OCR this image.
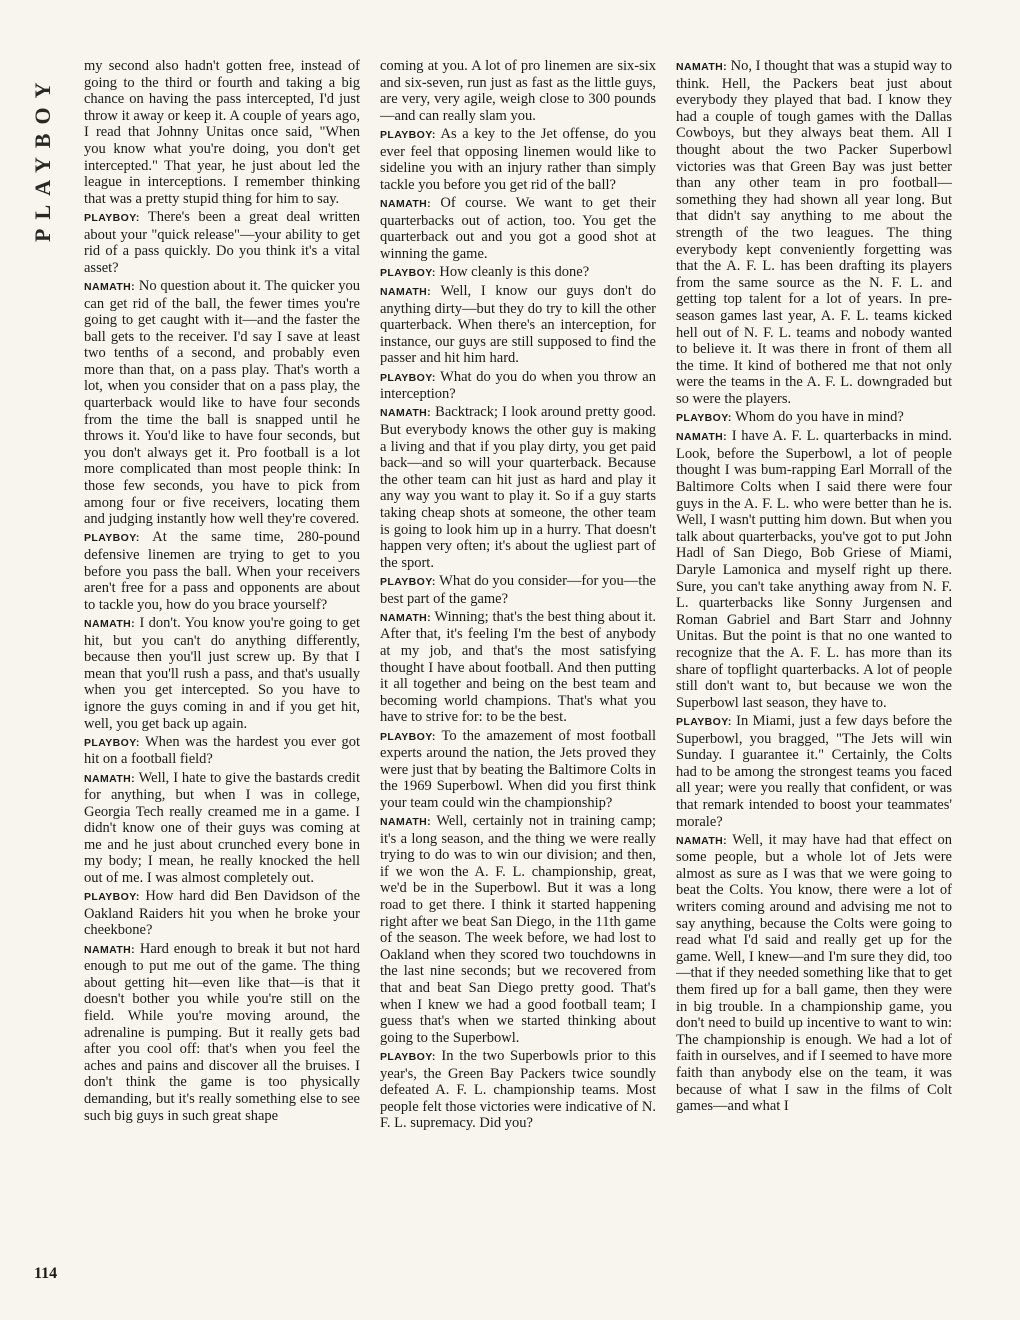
PLAYBOY

my second also hadn't gotten free, instead of going to the third or fourth and taking a big chance on having the pass intercepted, I'd just throw it away or keep it. A couple of years ago, I read that Johnny Unitas once said, "When you know what you're doing, you don't get intercepted." That year, he just about led the league in interceptions. I remember thinking that was a pretty stupid thing for him to say.

PLAYBOY: There's been a great deal written about your "quick release"—your ability to get rid of a pass quickly. Do you think it's a vital asset?

NAMATH: No question about it. The quicker you can get rid of the ball, the fewer times you're going to get caught with it—and the faster the ball gets to the receiver. I'd say I save at least two tenths of a second, and probably even more than that, on a pass play. That's worth a lot, when you consider that on a pass play, the quarterback would like to have four seconds from the time the ball is snapped until he throws it. You'd like to have four seconds, but you don't always get it. Pro football is a lot more complicated than most people think: In those few seconds, you have to pick from among four or five receivers, locating them and judging instantly how well they're covered.

PLAYBOY: At the same time, 280-pound defensive linemen are trying to get to you before you pass the ball. When your receivers aren't free for a pass and opponents are about to tackle you, how do you brace yourself?

NAMATH: I don't. You know you're going to get hit, but you can't do anything differently, because then you'll just screw up. By that I mean that you'll rush a pass, and that's usually when you get intercepted. So you have to ignore the guys coming in and if you get hit, well, you get back up again.

PLAYBOY: When was the hardest you ever got hit on a football field?

NAMATH: Well, I hate to give the bastards credit for anything, but when I was in college, Georgia Tech really creamed me in a game. I didn't know one of their guys was coming at me and he just about crunched every bone in my body; I mean, he really knocked the hell out of me. I was almost completely out.

PLAYBOY: How hard did Ben Davidson of the Oakland Raiders hit you when he broke your cheekbone?

NAMATH: Hard enough to break it but not hard enough to put me out of the game. The thing about getting hit—even like that—is that it doesn't bother you while you're still on the field. While you're moving around, the adrenaline is pumping. But it really gets bad after you cool off: that's when you feel the aches and pains and discover all the bruises. I don't think the game is too physically demanding, but it's really something else to see such big guys in such great shape

coming at you. A lot of pro linemen are six-six and six-seven, run just as fast as the little guys, are very, very agile, weigh close to 300 pounds—and can really slam you.

PLAYBOY: As a key to the Jet offense, do you ever feel that opposing linemen would like to sideline you with an injury rather than simply tackle you before you get rid of the ball?

NAMATH: Of course. We want to get their quarterbacks out of action, too. You get the quarterback out and you got a good shot at winning the game.

PLAYBOY: How cleanly is this done?

NAMATH: Well, I know our guys don't do anything dirty—but they do try to kill the other quarterback. When there's an interception, for instance, our guys are still supposed to find the passer and hit him hard.

PLAYBOY: What do you do when you throw an interception?

NAMATH: Backtrack; I look around pretty good. But everybody knows the other guy is making a living and that if you play dirty, you get paid back—and so will your quarterback. Because the other team can hit just as hard and play it any way you want to play it. So if a guy starts taking cheap shots at someone, the other team is going to look him up in a hurry. That doesn't happen very often; it's about the ugliest part of the sport.

PLAYBOY: What do you consider—for you—the best part of the game?

NAMATH: Winning; that's the best thing about it. After that, it's feeling I'm the best of anybody at my job, and that's the most satisfying thought I have about football. And then putting it all together and being on the best team and becoming world champions. That's what you have to strive for: to be the best.

PLAYBOY: To the amazement of most football experts around the nation, the Jets proved they were just that by beating the Baltimore Colts in the 1969 Superbowl. When did you first think your team could win the championship?

NAMATH: Well, certainly not in training camp; it's a long season, and the thing we were really trying to do was to win our division; and then, if we won the A. F. L. championship, great, we'd be in the Superbowl. But it was a long road to get there. I think it started happening right after we beat San Diego, in the 11th game of the season. The week before, we had lost to Oakland when they scored two touchdowns in the last nine seconds; but we recovered from that and beat San Diego pretty good. That's when I knew we had a good football team; I guess that's when we started thinking about going to the Superbowl.

PLAYBOY: In the two Superbowls prior to this year's, the Green Bay Packers twice soundly defeated A. F. L. championship teams. Most people felt those victories were indicative of N. F. L. supremacy. Did you?

NAMATH: No, I thought that was a stupid way to think. Hell, the Packers beat just about everybody they played that bad. I know they had a couple of tough games with the Dallas Cowboys, but they always beat them. All I thought about the two Packer Superbowl victories was that Green Bay was just better than any other team in pro football—something they had shown all year long. But that didn't say anything to me about the strength of the two leagues. The thing everybody kept conveniently forgetting was that the A. F. L. has been drafting its players from the same source as the N. F. L. and getting top talent for a lot of years. In pre-season games last year, A. F. L. teams kicked hell out of N. F. L. teams and nobody wanted to believe it. It was there in front of them all the time. It kind of bothered me that not only were the teams in the A. F. L. downgraded but so were the players.

PLAYBOY: Whom do you have in mind?

NAMATH: I have A. F. L. quarterbacks in mind. Look, before the Superbowl, a lot of people thought I was bum-rapping Earl Morrall of the Baltimore Colts when I said there were four guys in the A. F. L. who were better than he is. Well, I wasn't putting him down. But when you talk about quarterbacks, you've got to put John Hadl of San Diego, Bob Griese of Miami, Daryle Lamonica and myself right up there. Sure, you can't take anything away from N. F. L. quarterbacks like Sonny Jurgensen and Roman Gabriel and Bart Starr and Johnny Unitas. But the point is that no one wanted to recognize that the A. F. L. has more than its share of topflight quarterbacks. A lot of people still don't want to, but because we won the Superbowl last season, they have to.

PLAYBOY: In Miami, just a few days before the Superbowl, you bragged, "The Jets will win Sunday. I guarantee it." Certainly, the Colts had to be among the strongest teams you faced all year; were you really that confident, or was that remark intended to boost your teammates' morale?

NAMATH: Well, it may have had that effect on some people, but a whole lot of Jets were almost as sure as I was that we were going to beat the Colts. You know, there were a lot of writers coming around and advising me not to say anything, because the Colts were going to read what I'd said and really get up for the game. Well, I knew—and I'm sure they did, too—that if they needed something like that to get them fired up for a ball game, then they were in big trouble. In a championship game, you don't need to build up incentive to want to win: The championship is enough. We had a lot of faith in ourselves, and if I seemed to have more faith than anybody else on the team, it was because of what I saw in the films of Colt games—and what I

114
